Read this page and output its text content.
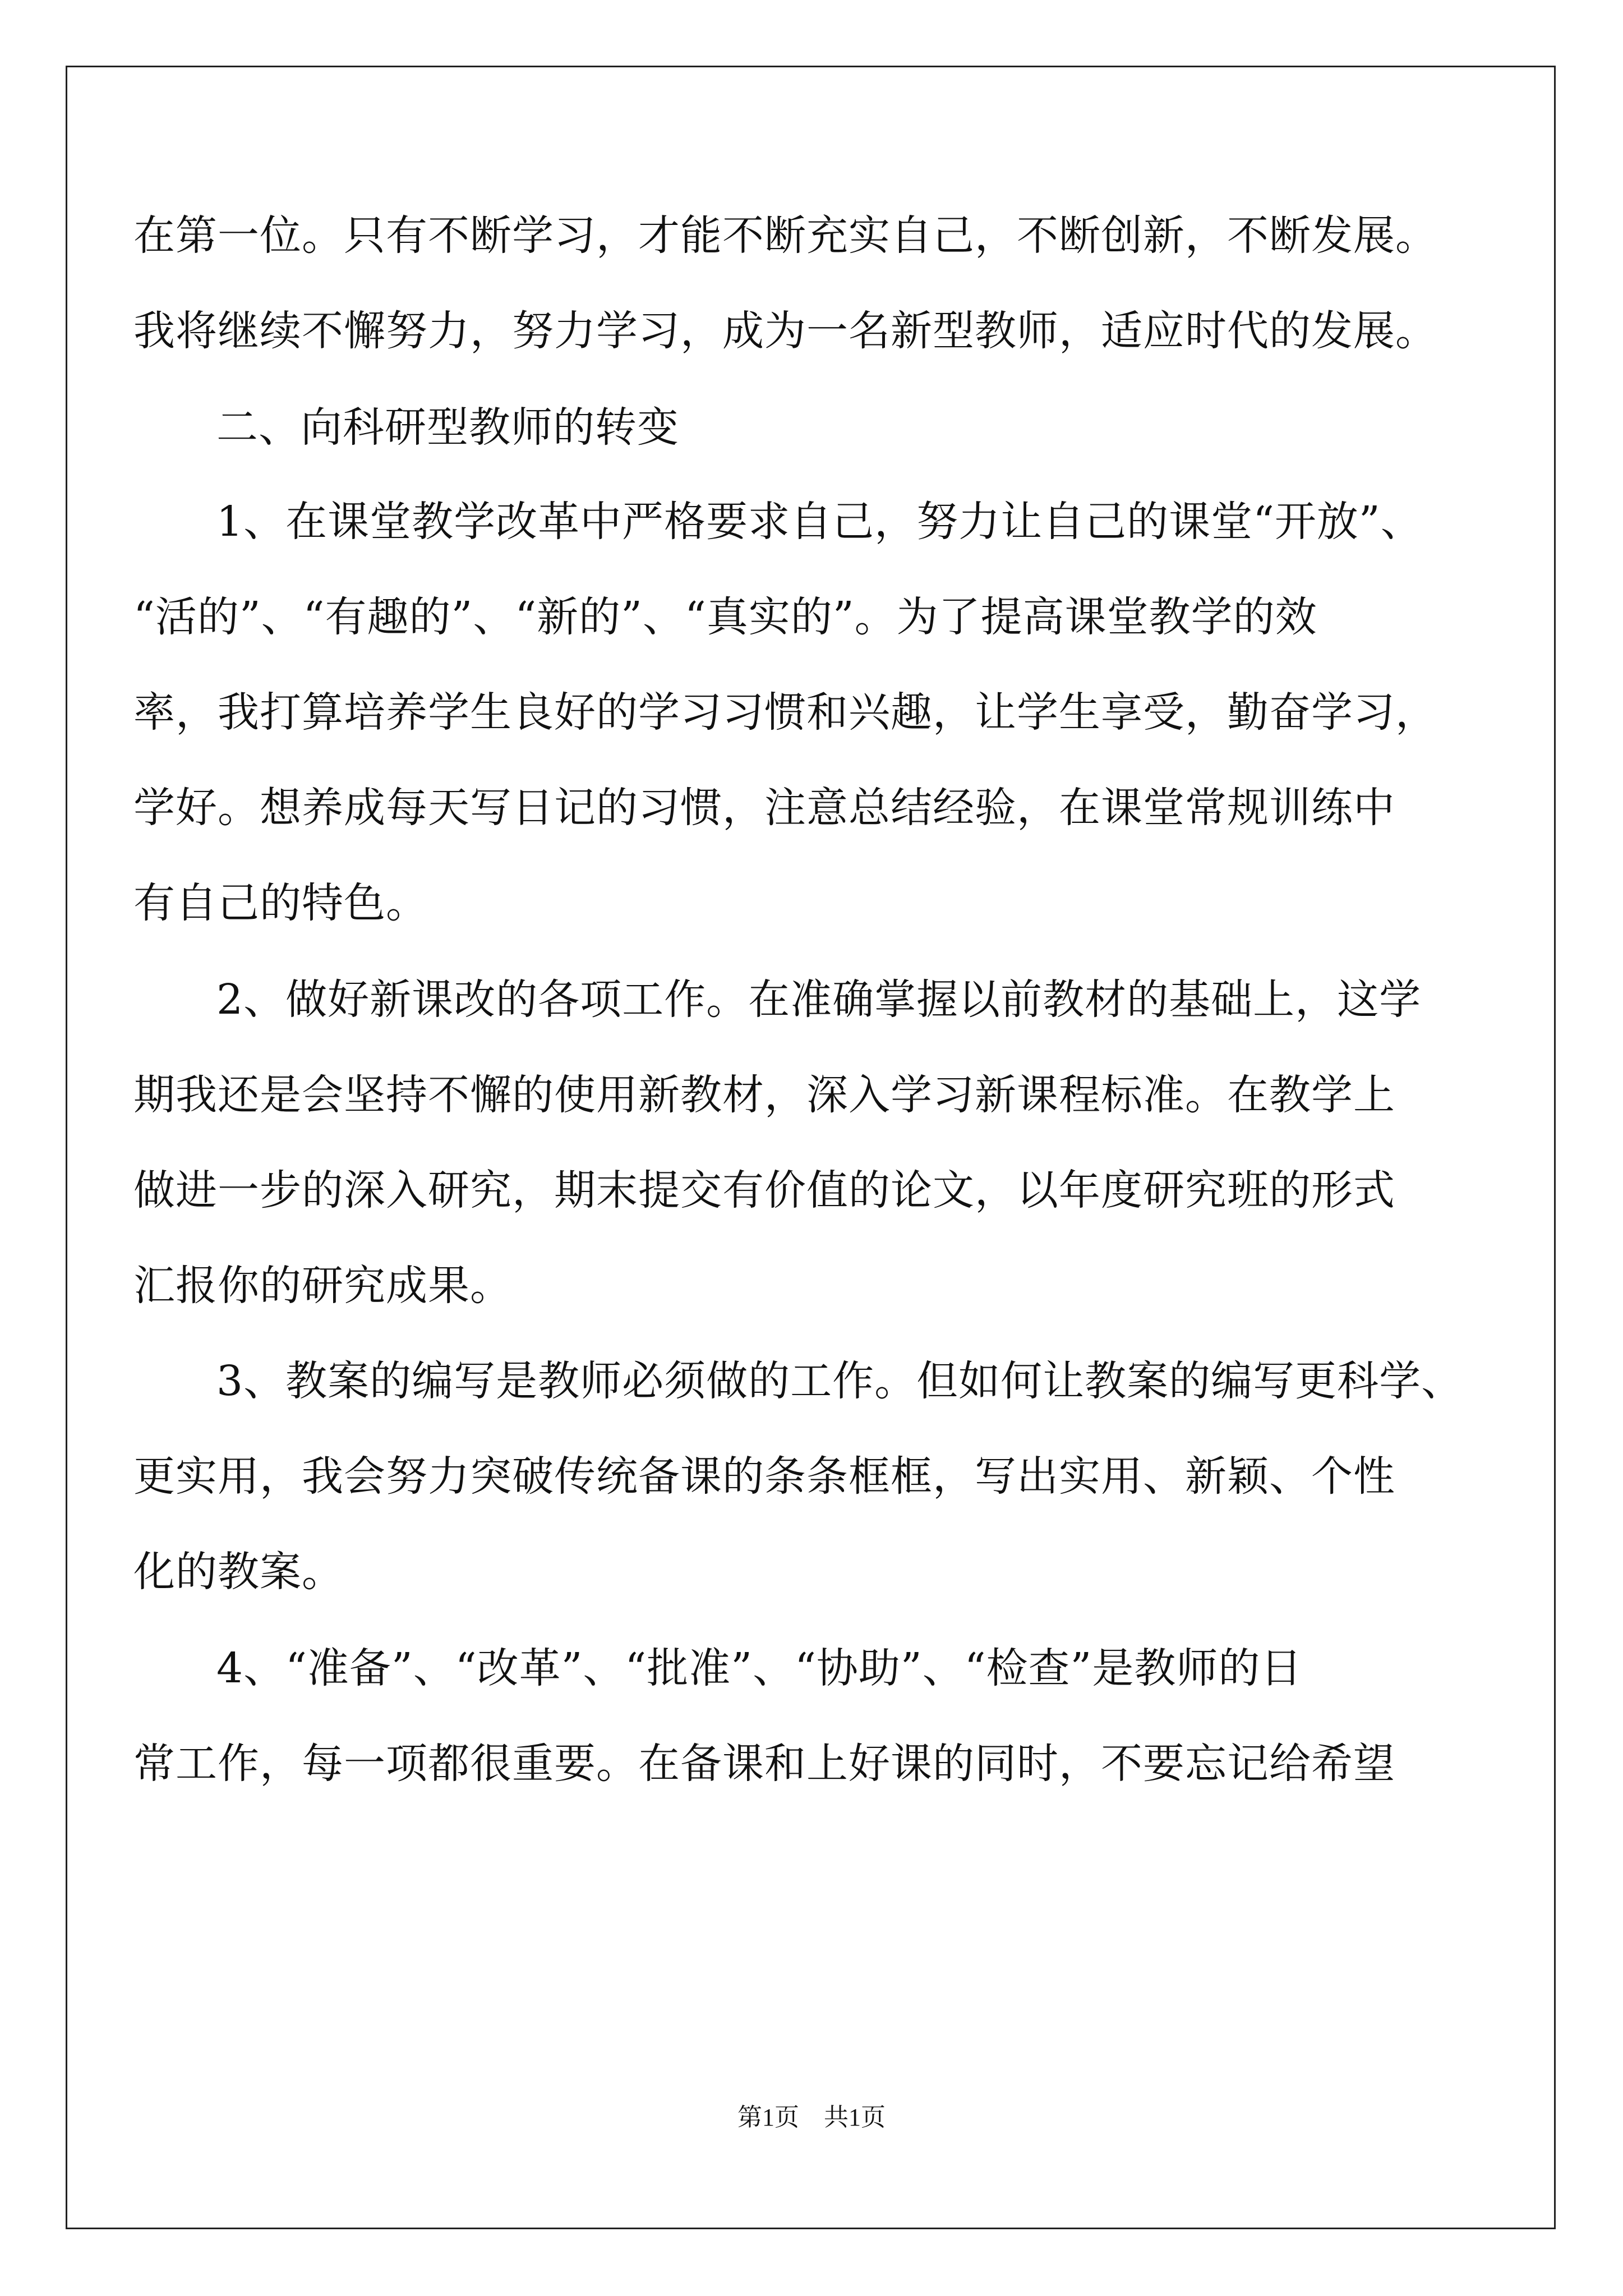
在第一位。只有不断学习，才能不断充实自己，不断创新，不断发展。
我将继续不懈努力，努力学习，成为一名新型教师，适应时代的发展。
二、向科研型教师的转变
1、在课堂教学改革中严格要求自己，努力让自己的课堂“开放”、
“活的”、“有趣的”、“新的”、“真实的”。为了提高课堂教学的效
率，我打算培养学生良好的学习习惯和兴趣，让学生享受，勤奋学习，
学好。想养成每天写日记的习惯，注意总结经验，在课堂常规训练中
有自己的特色。
2、做好新课改的各项工作。在准确掌握以前教材的基础上，这学
期我还是会坚持不懈的使用新教材，深入学习新课程标准。在教学上
做进一步的深入研究，期末提交有价值的论文，以年度研究班的形式
汇报你的研究成果。
3、教案的编写是教师必须做的工作。但如何让教案的编写更科学、
更实用，我会努力突破传统备课的条条框框，写出实用、新颖、个性
化的教案。
4、“准备”、“改革”、“批准”、“协助”、“检查”是教师的日
常工作，每一项都很重要。在备课和上好课的同时，不要忘记给希望
第1页　共1页
